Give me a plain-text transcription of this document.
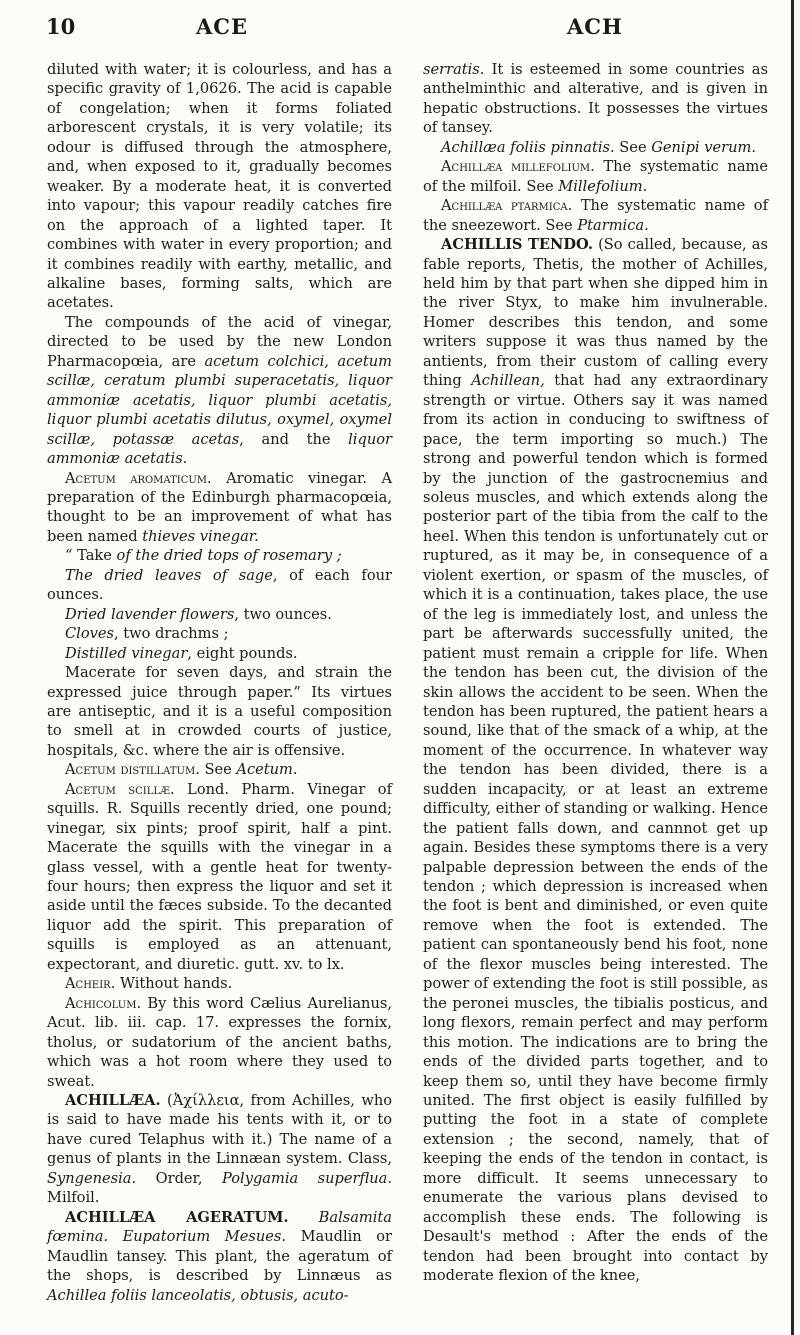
10	ACE	ACH

diluted with water; it is colourless, and has a specific gravity of 1,0626. The acid is capable of congelation; when it forms foliated arborescent crystals, it is very volatile; its odour is diffused through the atmosphere, and, when exposed to it, gradually becomes weaker. By a moderate heat, it is converted into vapour; this vapour readily catches fire on the approach of a lighted taper. It combines with water in every proportion; and it combines readily with earthy, metallic, and alkaline bases, forming salts, which are acetates.

The compounds of the acid of vinegar, directed to be used by the new London Pharmacopœia, are acetum colchici, acetum scillæ, ceratum plumbi superacetatis, liquor ammoniæ acetatis, liquor plumbi acetatis, liquor plumbi acetatis dilutus, oxymel, oxymel scillæ, potassæ acetas, and the liquor ammoniæ acetatis.

Acetum aromaticum. Aromatic vinegar. A preparation of the Edinburgh pharmacopœia, thought to be an improvement of what has been named thieves vinegar.

“ Take of the dried tops of rosemary ;

The dried leaves of sage, of each four ounces.

Dried lavender flowers, two ounces.

Cloves, two drachms ;

Distilled vinegar, eight pounds.

Macerate for seven days, and strain the expressed juice through paper.” Its virtues are antiseptic, and it is a useful composition to smell at in crowded courts of justice, hospitals, &c. where the air is offensive.

Acetum distillatum. See Acetum.

Acetum scillæ. Lond. Pharm. Vinegar of squills. R. Squills recently dried, one pound; vinegar, six pints; proof spirit, half a pint. Macerate the squills with the vinegar in a glass vessel, with a gentle heat for twenty-four hours; then express the liquor and set it aside until the fæces subside. To the decanted liquor add the spirit. This preparation of squills is employed as an attenuant, expectorant, and diuretic. gutt. xv. to lx.

Acheir. Without hands.

Achicolum. By this word Cælius Aurelianus, Acut. lib. iii. cap. 17. expresses the fornix, tholus, or sudatorium of the ancient baths, which was a hot room where they used to sweat.

ACHILLÆA. (Ἀχίλλεια, from Achilles, who is said to have made his tents with it, or to have cured Telaphus with it.) The name of a genus of plants in the Linnæan system. Class, Syngenesia. Order, Polygamia superflua. Milfoil.

ACHILLÆA AGERATUM. Balsamita fœmina. Eupatorium Mesues. Maudlin or Maudlin tansey. This plant, the ageratum of the shops, is described by Linnæus as Achillea foliis lanceolatis, obtusis, acuto-

serratis. It is esteemed in some countries as anthelminthic and alterative, and is given in hepatic obstructions. It possesses the virtues of tansey.

Achillæa foliis pinnatis. See Genipi verum.

Achillæa millefolium. The systematic name of the milfoil. See Millefolium.

Achillæa ptarmica. The systematic name of the sneezewort. See Ptarmica.

ACHILLIS TENDO. (So called, because, as fable reports, Thetis, the mother of Achilles, held him by that part when she dipped him in the river Styx, to make him invulnerable. Homer describes this tendon, and some writers suppose it was thus named by the antients, from their custom of calling every thing Achillean, that had any extraordinary strength or virtue. Others say it was named from its action in conducing to swiftness of pace, the term importing so much.) The strong and powerful tendon which is formed by the junction of the gastrocnemius and soleus muscles, and which extends along the posterior part of the tibia from the calf to the heel. When this tendon is unfortunately cut or ruptured, as it may be, in consequence of a violent exertion, or spasm of the muscles, of which it is a continuation, takes place, the use of the leg is immediately lost, and unless the part be afterwards successfully united, the patient must remain a cripple for life. When the tendon has been cut, the division of the skin allows the accident to be seen. When the tendon has been ruptured, the patient hears a sound, like that of the smack of a whip, at the moment of the occurrence. In whatever way the tendon has been divided, there is a sudden incapacity, or at least an extreme difficulty, either of standing or walking. Hence the patient falls down, and cannnot get up again. Besides these symptoms there is a very palpable depression between the ends of the tendon ; which depression is increased when the foot is bent and diminished, or even quite remove when the foot is extended. The patient can spontaneously bend his foot, none of the flexor muscles being interested. The power of extending the foot is still possible, as the peronei muscles, the tibialis posticus, and long flexors, remain perfect and may perform this motion. The indications are to bring the ends of the divided parts together, and to keep them so, until they have become firmly united. The first object is easily fulfilled by putting the foot in a state of complete extension ; the second, namely, that of keeping the ends of the tendon in contact, is more difficult. It seems unnecessary to enumerate the various plans devised to accomplish these ends. The following is Desault's method : After the ends of the tendon had been brought into contact by moderate flexion of the knee,
